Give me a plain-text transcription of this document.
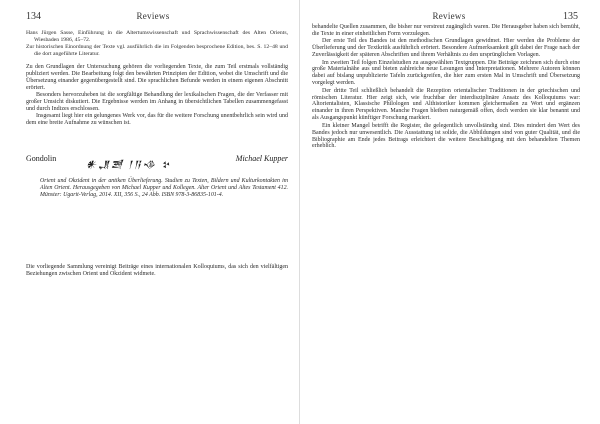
134	Reviews

Hans Jürgen Sasse, Einführung in die Altertumswissenschaft und Sprachwissenschaft des Alten Orients, Wiesbaden 1986, 45–72.

Zur historischen Einordnung der Texte vgl. ausführlich die im Folgenden besprochene Edition, bes. S. 12–48 und die dort angeführte Literatur.

Zu den Grundlagen der Untersuchung gehören die vorliegenden Texte, die zum Teil erstmals vollständig publiziert werden. Die Bearbeitung folgt den bewährten Prinzipien der Edition, wobei die Umschrift und die Übersetzung einander gegenübergestellt sind. Die sprachlichen Befunde werden in einem eigenen Abschnitt erörtert.

Besonders hervorzuheben ist die sorgfältige Behandlung der lexikalischen Fragen, die der Verfasser mit großer Umsicht diskutiert. Die Ergebnisse werden im Anhang in übersichtlichen Tabellen zusammengefasst und durch Indizes erschlossen.

Insgesamt liegt hier ein gelungenes Werk vor, das für die weitere Forschung unentbehrlich sein wird und dem eine breite Aufnahme zu wünschen ist.

Gondolin
𒀭𒂗𒍪 𒁹𒀀𒈾 𒆳
Michael Kupper
Orient und Okzident in der antiken Überlieferung. Studien zu Texten, Bildern und Kulturkontakten im Alten Orient. Herausgegeben von Michael Kupper und Kollegen. Alter Orient und Altes Testament 412. Münster: Ugarit-Verlag, 2014. XII, 356 S., 24 Abb. ISBN 978-3-86835-101-4.

Die vorliegende Sammlung vereinigt Beiträge eines internationalen Kolloquiums, das sich den vielfältigen Beziehungen zwischen Orient und Okzident widmete.

Reviews	135

behandelte Quellen zusammen, die bisher nur verstreut zugänglich waren. Die Herausgeber haben sich bemüht, die Texte in einer einheitlichen Form vorzulegen.

Der erste Teil des Bandes ist den methodischen Grundlagen gewidmet. Hier werden die Probleme der Überlieferung und der Textkritik ausführlich erörtert. Besondere Aufmerksamkeit gilt dabei der Frage nach der Zuverlässigkeit der späteren Abschriften und ihrem Verhältnis zu den ursprünglichen Vorlagen.

Im zweiten Teil folgen Einzelstudien zu ausgewählten Textgruppen. Die Beiträge zeichnen sich durch eine große Materialnähe aus und bieten zahlreiche neue Lesungen und Interpretationen. Mehrere Autoren können dabei auf bislang unpublizierte Tafeln zurückgreifen, die hier zum ersten Mal in Umschrift und Übersetzung vorgelegt werden.

Der dritte Teil schließlich behandelt die Rezeption orientalischer Traditionen in der griechischen und römischen Literatur. Hier zeigt sich, wie fruchtbar der interdisziplinäre Ansatz des Kolloquiums war: Altorientalisten, Klassische Philologen und Althistoriker kommen gleichermaßen zu Wort und ergänzen einander in ihren Perspektiven. Manche Fragen bleiben naturgemäß offen, doch werden sie klar benannt und als Ausgangspunkt künftiger Forschung markiert.

Ein kleiner Mangel betrifft die Register, die gelegentlich unvollständig sind. Dies mindert den Wert des Bandes jedoch nur unwesentlich. Die Ausstattung ist solide, die Abbildungen sind von guter Qualität, und die Bibliographie am Ende jedes Beitrags erleichtert die weitere Beschäftigung mit den behandelten Themen erheblich.
